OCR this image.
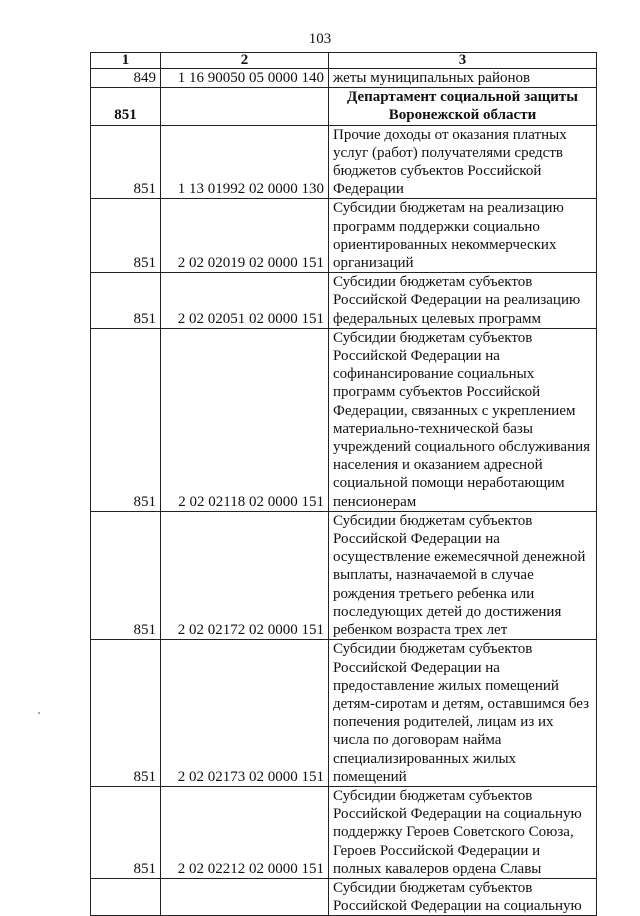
103
1	2	3
849	1 16 90050 05 0000 140	жеты муниципальных районов
851		Департамент социальной защиты Воронежской области
851	1 13 01992 02 0000 130	Прочие доходы от оказания платных услуг (работ) получателями средств бюджетов субъектов Российской Федерации
851	2 02 02019 02 0000 151	Субсидии бюджетам на реализацию программ поддержки социально ориентированных некоммерческих организаций
851	2 02 02051 02 0000 151	Субсидии бюджетам субъектов Российской Федерации на реализацию федеральных целевых программ
851	2 02 02118 02 0000 151	Субсидии бюджетам субъектов Российской Федерации на софинансирование социальных программ субъектов Российской Федерации, связанных с укреплением материально-технической базы учреждений социального обслуживания населения и оказанием адресной социальной помощи неработающим пенсионерам
851	2 02 02172 02 0000 151	Субсидии бюджетам субъектов Российской Федерации на осуществление ежемесячной денежной выплаты, назначаемой в случае рождения третьего ребенка или последующих детей до достижения ребенком возраста трех лет
851	2 02 02173 02 0000 151	Субсидии бюджетам субъектов Российской Федерации на предоставление жилых помещений детям-сиротам и детям, оставшимся без попечения родителей, лицам из их числа по договорам найма специализированных жилых помещений
851	2 02 02212 02 0000 151	Субсидии бюджетам субъектов Российской Федерации на социальную поддержку Героев Советского Союза, Героев Российской Федерации и полных кавалеров ордена Славы
		Субсидии бюджетам субъектов Российской Федерации на социальную
